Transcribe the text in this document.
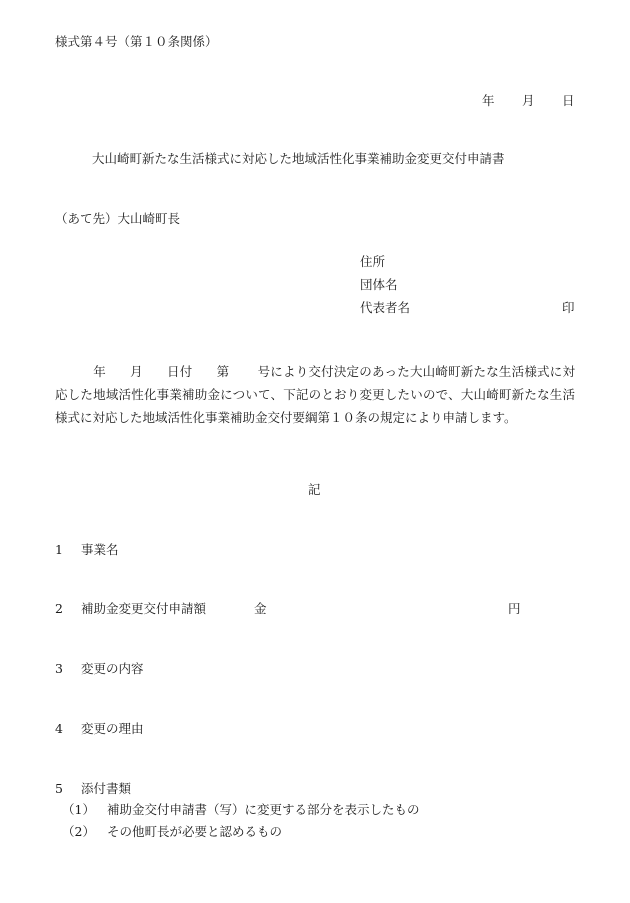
様式第４号（第１０条関係）
年 月 日
大山崎町新たな生活様式に対応した地域活性化事業補助金変更交付申請書
（あて先）大山崎町長
住所
団体名
代表者名	印
年 月 日付 第 号により交付決定のあった大山崎町新たな生活様式に対応した地域活性化事業補助金について、下記のとおり変更したいので、大山崎町新たな生活様式に対応した地域活性化事業補助金交付要綱第１０条の規定により申請します。
記
1 事業名
2 補助金変更交付申請額	金	円
3 変更の内容
4 変更の理由
5 添付書類
（1） 補助金交付申請書（写）に変更する部分を表示したもの
（2） その他町長が必要と認めるもの
